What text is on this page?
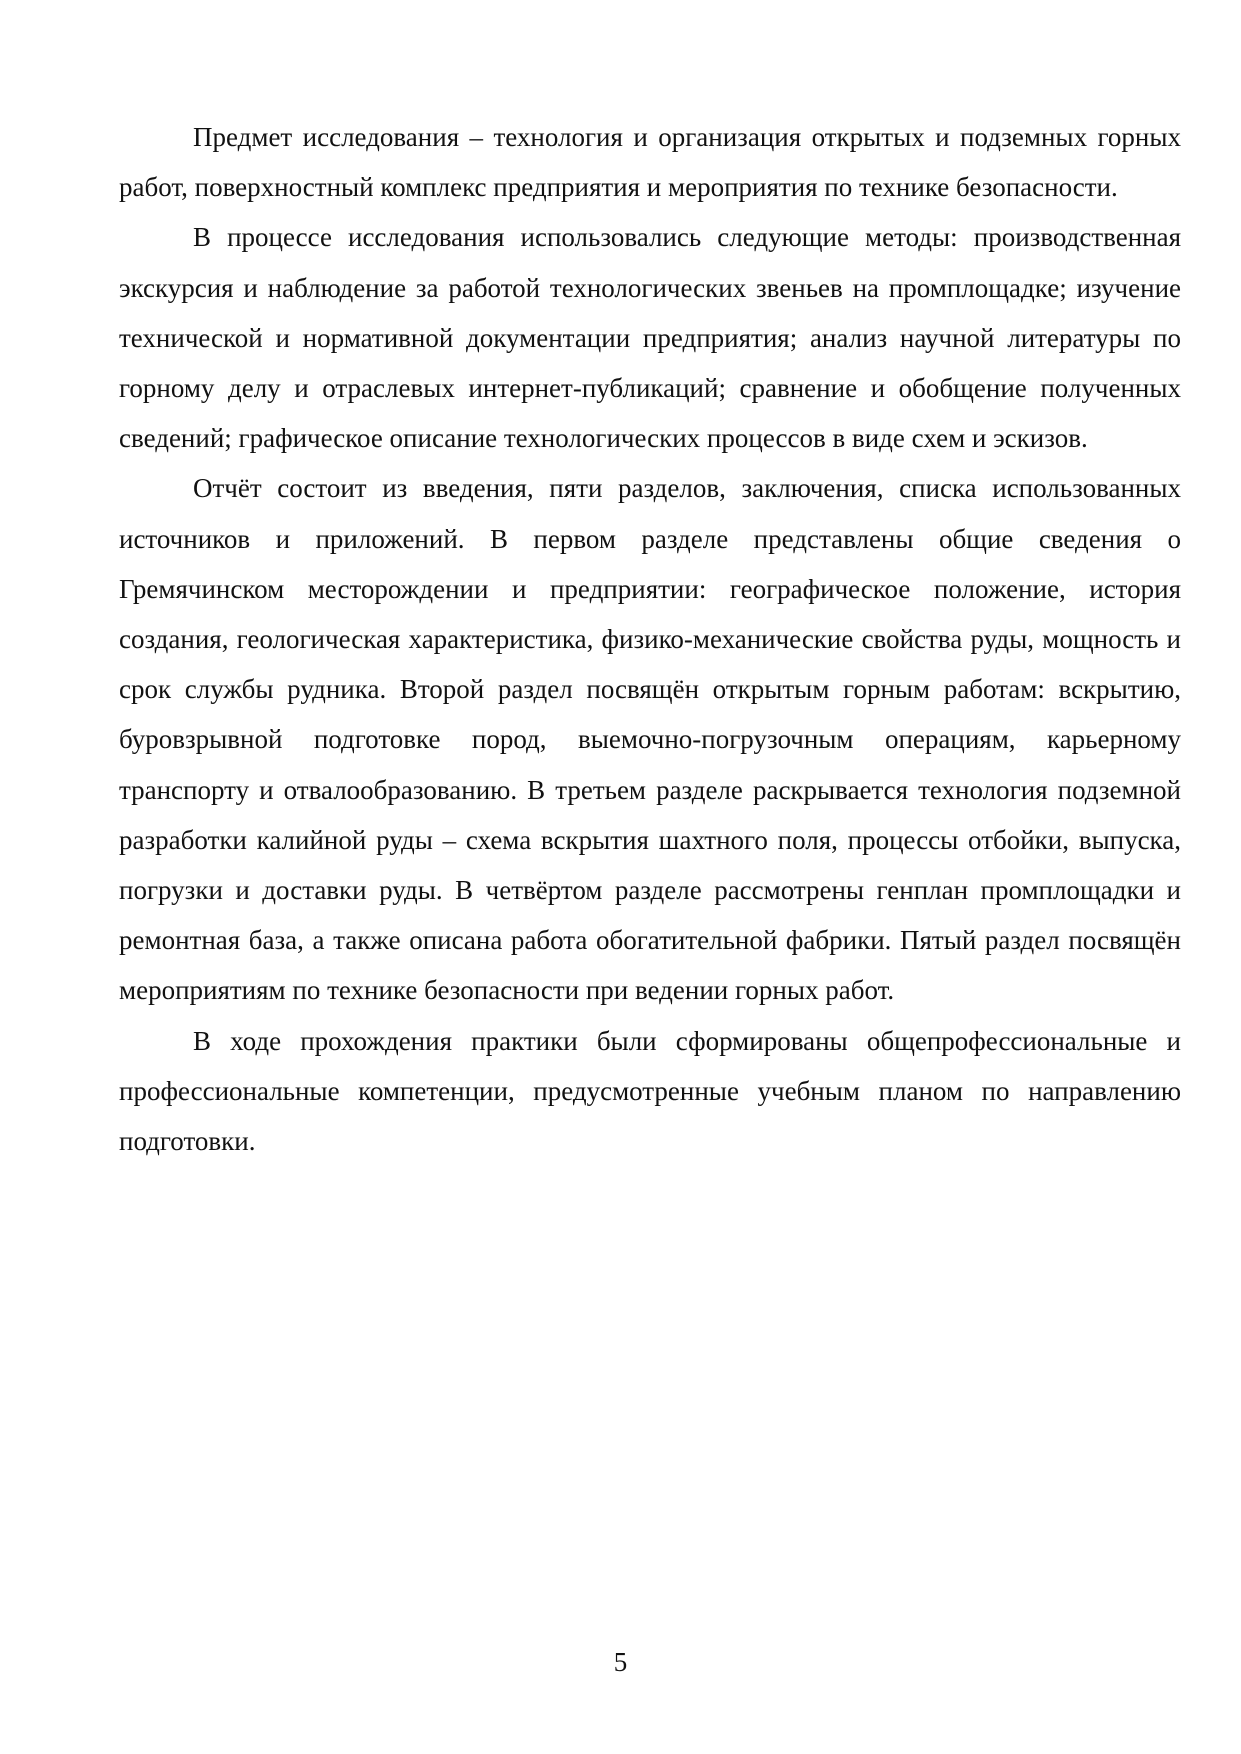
Предмет исследования – технология и организация открытых и подземных горных работ, поверхностный комплекс предприятия и мероприятия по технике безопасности.

В процессе исследования использовались следующие методы: производственная экскурсия и наблюдение за работой технологических звеньев на промплощадке; изучение технической и нормативной документации предприятия; анализ научной литературы по горному делу и отраслевых интернет-публикаций; сравнение и обобщение полученных сведений; графическое описание технологических процессов в виде схем и эскизов.

Отчёт состоит из введения, пяти разделов, заключения, списка использованных источников и приложений. В первом разделе представлены общие сведения о Гремячинском месторождении и предприятии: географическое положение, история создания, геологическая характеристика, физико-механические свойства руды, мощность и срок службы рудника. Второй раздел посвящён открытым горным работам: вскрытию, буровзрывной подготовке пород, выемочно-погрузочным операциям, карьерному транспорту и отвалообразованию. В третьем разделе раскрывается технология подземной разработки калийной руды – схема вскрытия шахтного поля, процессы отбойки, выпуска, погрузки и доставки руды. В четвёртом разделе рассмотрены генплан промплощадки и ремонтная база, а также описана работа обогатительной фабрики. Пятый раздел посвящён мероприятиям по технике безопасности при ведении горных работ.

В ходе прохождения практики были сформированы общепрофессиональные и профессиональные компетенции, предусмотренные учебным планом по направлению подготовки.

5
